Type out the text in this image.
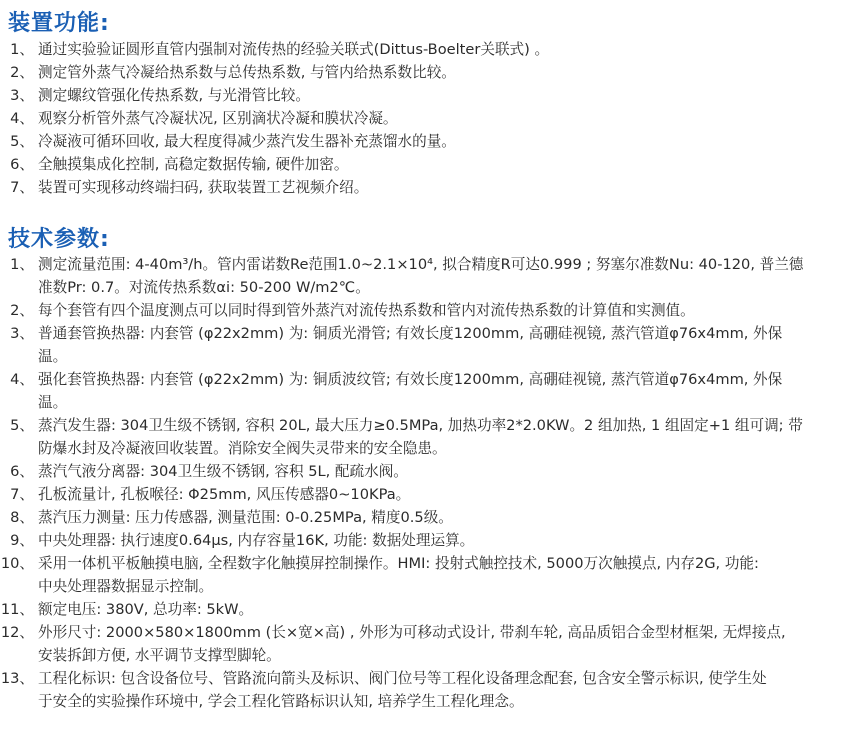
装置功能:
1、 通过实验验证圆形直管内强制对流传热的经验关联式(Dittus-Boelter关联式) 。
2、 测定管外蒸气冷凝给热系数与总传热系数, 与管内给热系数比较。
3、 测定螺纹管强化传热系数, 与光滑管比较。
4、 观察分析管外蒸气冷凝状况, 区别滴状冷凝和膜状冷凝。
5、 冷凝液可循环回收, 最大程度得减少蒸汽发生器补充蒸馏水的量。
6、 全触摸集成化控制, 高稳定数据传输, 硬件加密。
7、 装置可实现移动终端扫码, 获取装置工艺视频介绍。
技术参数:
1、 测定流量范围: 4-40m³/h。管内雷诺数Re范围1.0~2.1×10⁴, 拟合精度R可达0.999 ; 努塞尔准数Nu: 40-120, 普兰德
准数Pr: 0.7。对流传热系数αi: 50-200 W/m2℃。
2、 每个套管有四个温度测点可以同时得到管外蒸汽对流传热系数和管内对流传热系数的计算值和实测值。
3、 普通套管换热器: 内套管 (φ22x2mm) 为: 铜质光滑管; 有效长度1200mm, 高硼硅视镜, 蒸汽管道φ76x4mm, 外保
温。
4、 强化套管换热器: 内套管 (φ22x2mm) 为: 铜质波纹管; 有效长度1200mm, 高硼硅视镜, 蒸汽管道φ76x4mm, 外保
温。
5、 蒸汽发生器: 304卫生级不锈钢, 容积 20L, 最大压力≥0.5MPa, 加热功率2*2.0KW。2 组加热, 1 组固定+1 组可调; 带
防爆水封及冷凝液回收装置。消除安全阀失灵带来的安全隐患。
6、 蒸汽气液分离器: 304卫生级不锈钢, 容积 5L, 配疏水阀。
7、 孔板流量计, 孔板喉径: Φ25mm, 风压传感器0~10KPa。
8、 蒸汽压力测量: 压力传感器, 测量范围: 0-0.25MPa, 精度0.5级。
9、 中央处理器: 执行速度0.64μs, 内存容量16K, 功能: 数据处理运算。
10、 采用一体机平板触摸电脑, 全程数字化触摸屏控制操作。HMI: 投射式触控技术, 5000万次触摸点, 内存2G, 功能:
中央处理器数据显示控制。
11、 额定电压: 380V, 总功率: 5kW。
12、 外形尺寸: 2000×580×1800mm (长×宽×高) , 外形为可移动式设计, 带刹车轮, 高品质铝合金型材框架, 无焊接点,
安装拆卸方便, 水平调节支撑型脚轮。
13、 工程化标识: 包含设备位号、管路流向箭头及标识、阀门位号等工程化设备理念配套, 包含安全警示标识, 使学生处
于安全的实验操作环境中, 学会工程化管路标识认知, 培养学生工程化理念。
